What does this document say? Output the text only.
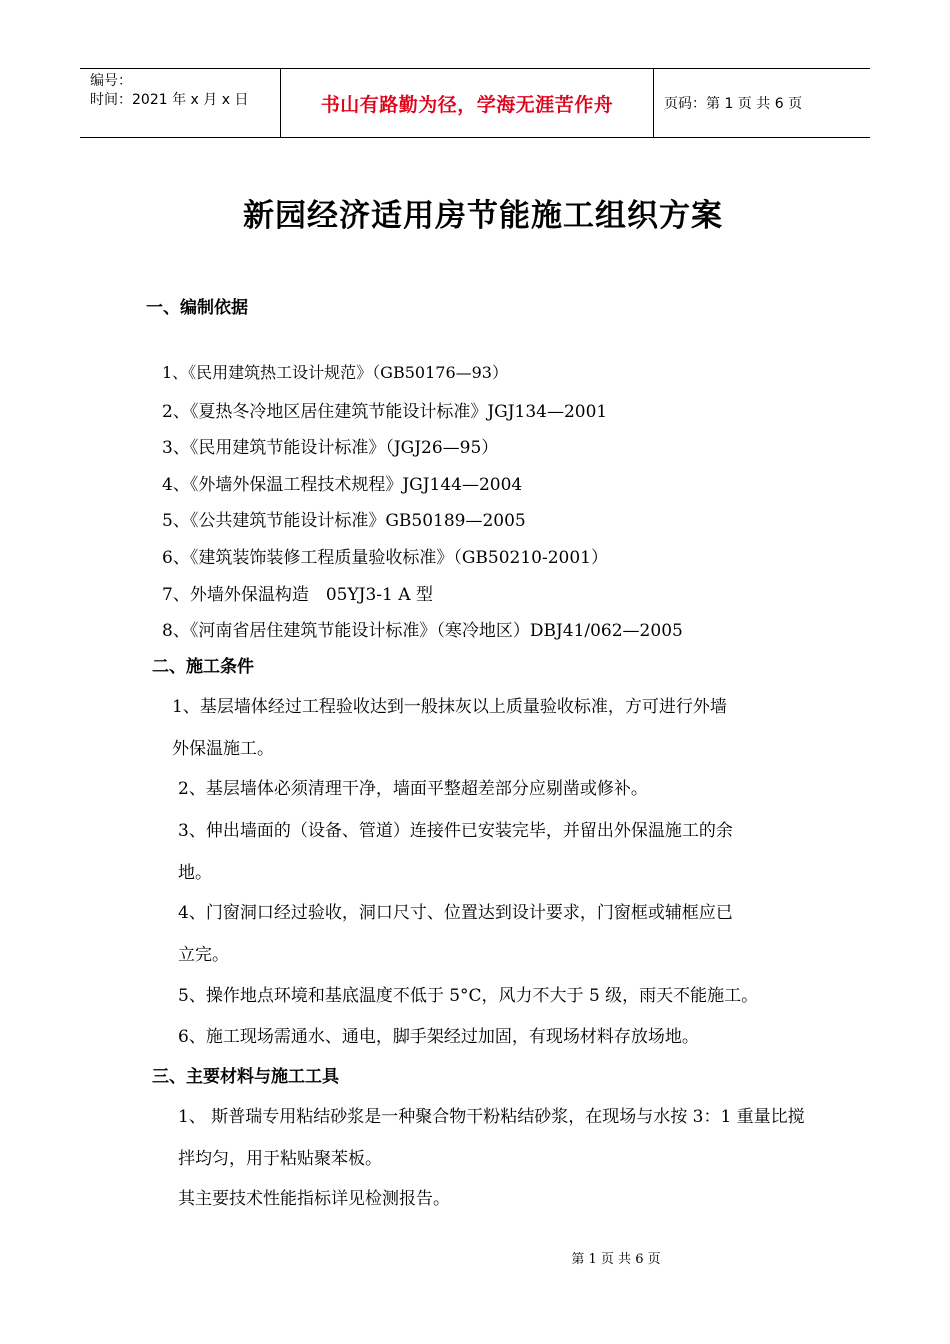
编号：
时间：2021 年 x 月 x 日	书山有路勤为径，学海无涯苦作舟	页码：第 1 页 共 6 页
新园经济适用房节能施工组织方案
一、编制依据
1、《民用建筑热工设计规范》（GB50176—93）
2、《夏热冬冷地区居住建筑节能设计标准》JGJ134—2001
3、《民用建筑节能设计标准》（JGJ26—95）
4、《外墙外保温工程技术规程》JGJ144—2004
5、《公共建筑节能设计标准》GB50189—2005
6、《建筑装饰装修工程质量验收标准》（GB50210-2001）
7、外墙外保温构造　05YJ3-1 A 型
8、《河南省居住建筑节能设计标准》（寒冷地区）DBJ41/062—2005
二、施工条件
1、基层墙体经过工程验收达到一般抹灰以上质量验收标准，方可进行外墙
外保温施工。
2、基层墙体必须清理干净，墙面平整超差部分应剔凿或修补。
3、伸出墙面的（设备、管道）连接件已安装完毕，并留出外保温施工的余
地。
4、门窗洞口经过验收，洞口尺寸、位置达到设计要求，门窗框或辅框应已
立完。
5、操作地点环境和基底温度不低于 5°C，风力不大于 5 级，雨天不能施工。
6、施工现场需通水、通电，脚手架经过加固，有现场材料存放场地。
三、主要材料与施工工具
1、 斯普瑞专用粘结砂浆是一种聚合物干粉粘结砂浆，在现场与水按 3：1 重量比搅
拌均匀，用于粘贴聚苯板。
其主要技术性能指标详见检测报告。
第 1 页 共 6 页
